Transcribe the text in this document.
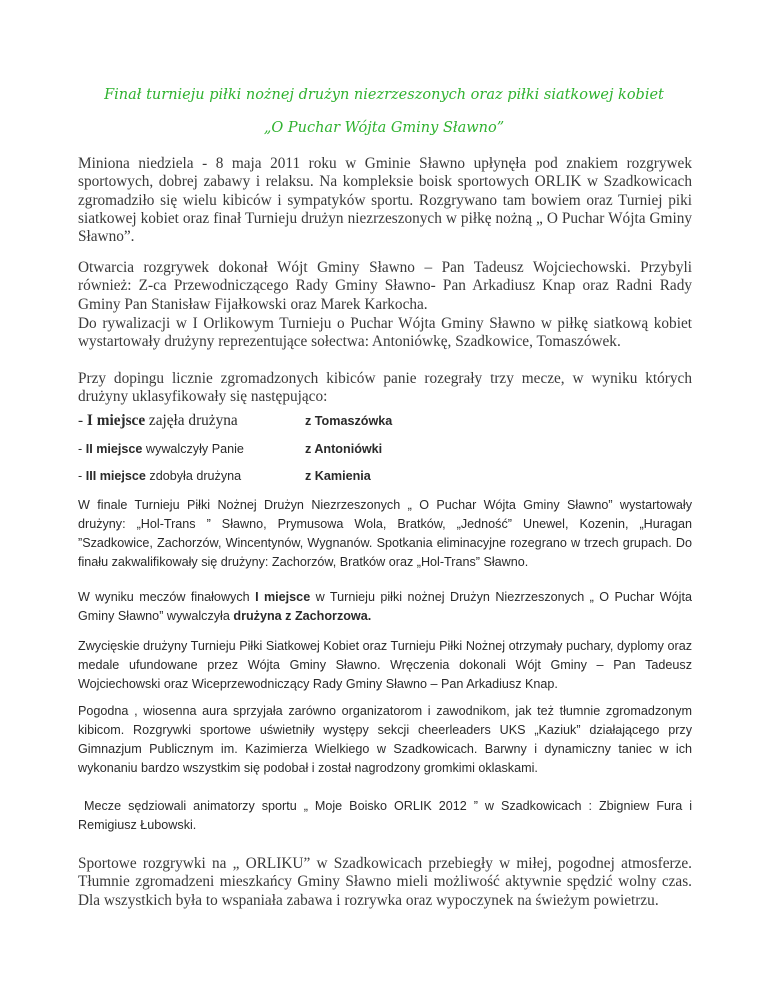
Finał turnieju piłki nożnej drużyn niezrzeszonych oraz piłki siatkowej kobiet
„O Puchar Wójta Gminy Sławno”
Miniona niedziela - 8 maja 2011 roku w Gminie Sławno upłynęła pod znakiem rozgrywek sportowych, dobrej zabawy i relaksu. Na kompleksie boisk sportowych ORLIK w Szadkowicach zgromadziło się wielu kibiców i sympatyków sportu. Rozgrywano tam bowiem oraz Turniej piki siatkowej kobiet oraz finał Turnieju drużyn niezrzeszonych w piłkę nożną „ O Puchar Wójta Gminy Sławno”.
Otwarcia rozgrywek dokonał Wójt Gminy Sławno – Pan Tadeusz Wojciechowski. Przybyli również: Z-ca Przewodniczącego Rady Gminy Sławno- Pan Arkadiusz Knap oraz Radni Rady Gminy Pan Stanisław Fijałkowski oraz Marek Karkocha.
Do rywalizacji w I Orlikowym Turnieju o Puchar Wójta Gminy Sławno w piłkę siatkową kobiet wystartowały drużyny reprezentujące sołectwa: Antoniówkę, Szadkowice, Tomaszówek.
Przy dopingu licznie zgromadzonych kibiców panie rozegrały trzy mecze, w wyniku których drużyny uklasyfikowały się następująco:
- I miejsce zajęła drużyna	z Tomaszówka
- II miejsce wywalczyły Panie	z Antoniówki
- III miejsce zdobyła drużyna	z Kamienia
W finale Turnieju Piłki Nożnej Drużyn Niezrzeszonych „ O Puchar Wójta Gminy Sławno” wystartowały drużyny: „Hol-Trans ” Sławno, Prymusowa Wola, Bratków, „Jedność” Unewel, Kozenin, „Huragan ”Szadkowice, Zachorzów, Wincentynów, Wygnanów. Spotkania eliminacyjne rozegrano w trzech grupach. Do finału zakwalifikowały się drużyny: Zachorzów, Bratków oraz „Hol-Trans” Sławno.
W wyniku meczów finałowych I miejsce w Turnieju piłki nożnej Drużyn Niezrzeszonych „ O Puchar Wójta Gminy Sławno” wywalczyła drużyna z Zachorzowa.
Zwycięskie drużyny Turnieju Piłki Siatkowej Kobiet oraz Turnieju Piłki Nożnej otrzymały puchary, dyplomy oraz medale ufundowane przez Wójta Gminy Sławno. Wręczenia dokonali Wójt Gminy – Pan Tadeusz Wojciechowski oraz Wiceprzewodniczący Rady Gminy Sławno – Pan Arkadiusz Knap.
Pogodna , wiosenna aura sprzyjała zarówno organizatorom i zawodnikom, jak też tłumnie zgromadzonym kibicom. Rozgrywki sportowe uświetniły występy sekcji cheerleaders UKS „Kaziuk” działającego przy Gimnazjum Publicznym im. Kazimierza Wielkiego w Szadkowicach. Barwny i dynamiczny taniec w ich wykonaniu bardzo wszystkim się podobał i został nagrodzony gromkimi oklaskami.
Mecze sędziowali animatorzy sportu „ Moje Boisko ORLIK 2012 ” w Szadkowicach : Zbigniew Fura i Remigiusz Łubowski.
Sportowe rozgrywki na „ ORLIKU” w Szadkowicach przebiegły w miłej, pogodnej atmosferze. Tłumnie zgromadzeni mieszkańcy Gminy Sławno mieli możliwość aktywnie spędzić wolny czas. Dla wszystkich była to wspaniała zabawa i rozrywka oraz wypoczynek na świeżym powietrzu.
